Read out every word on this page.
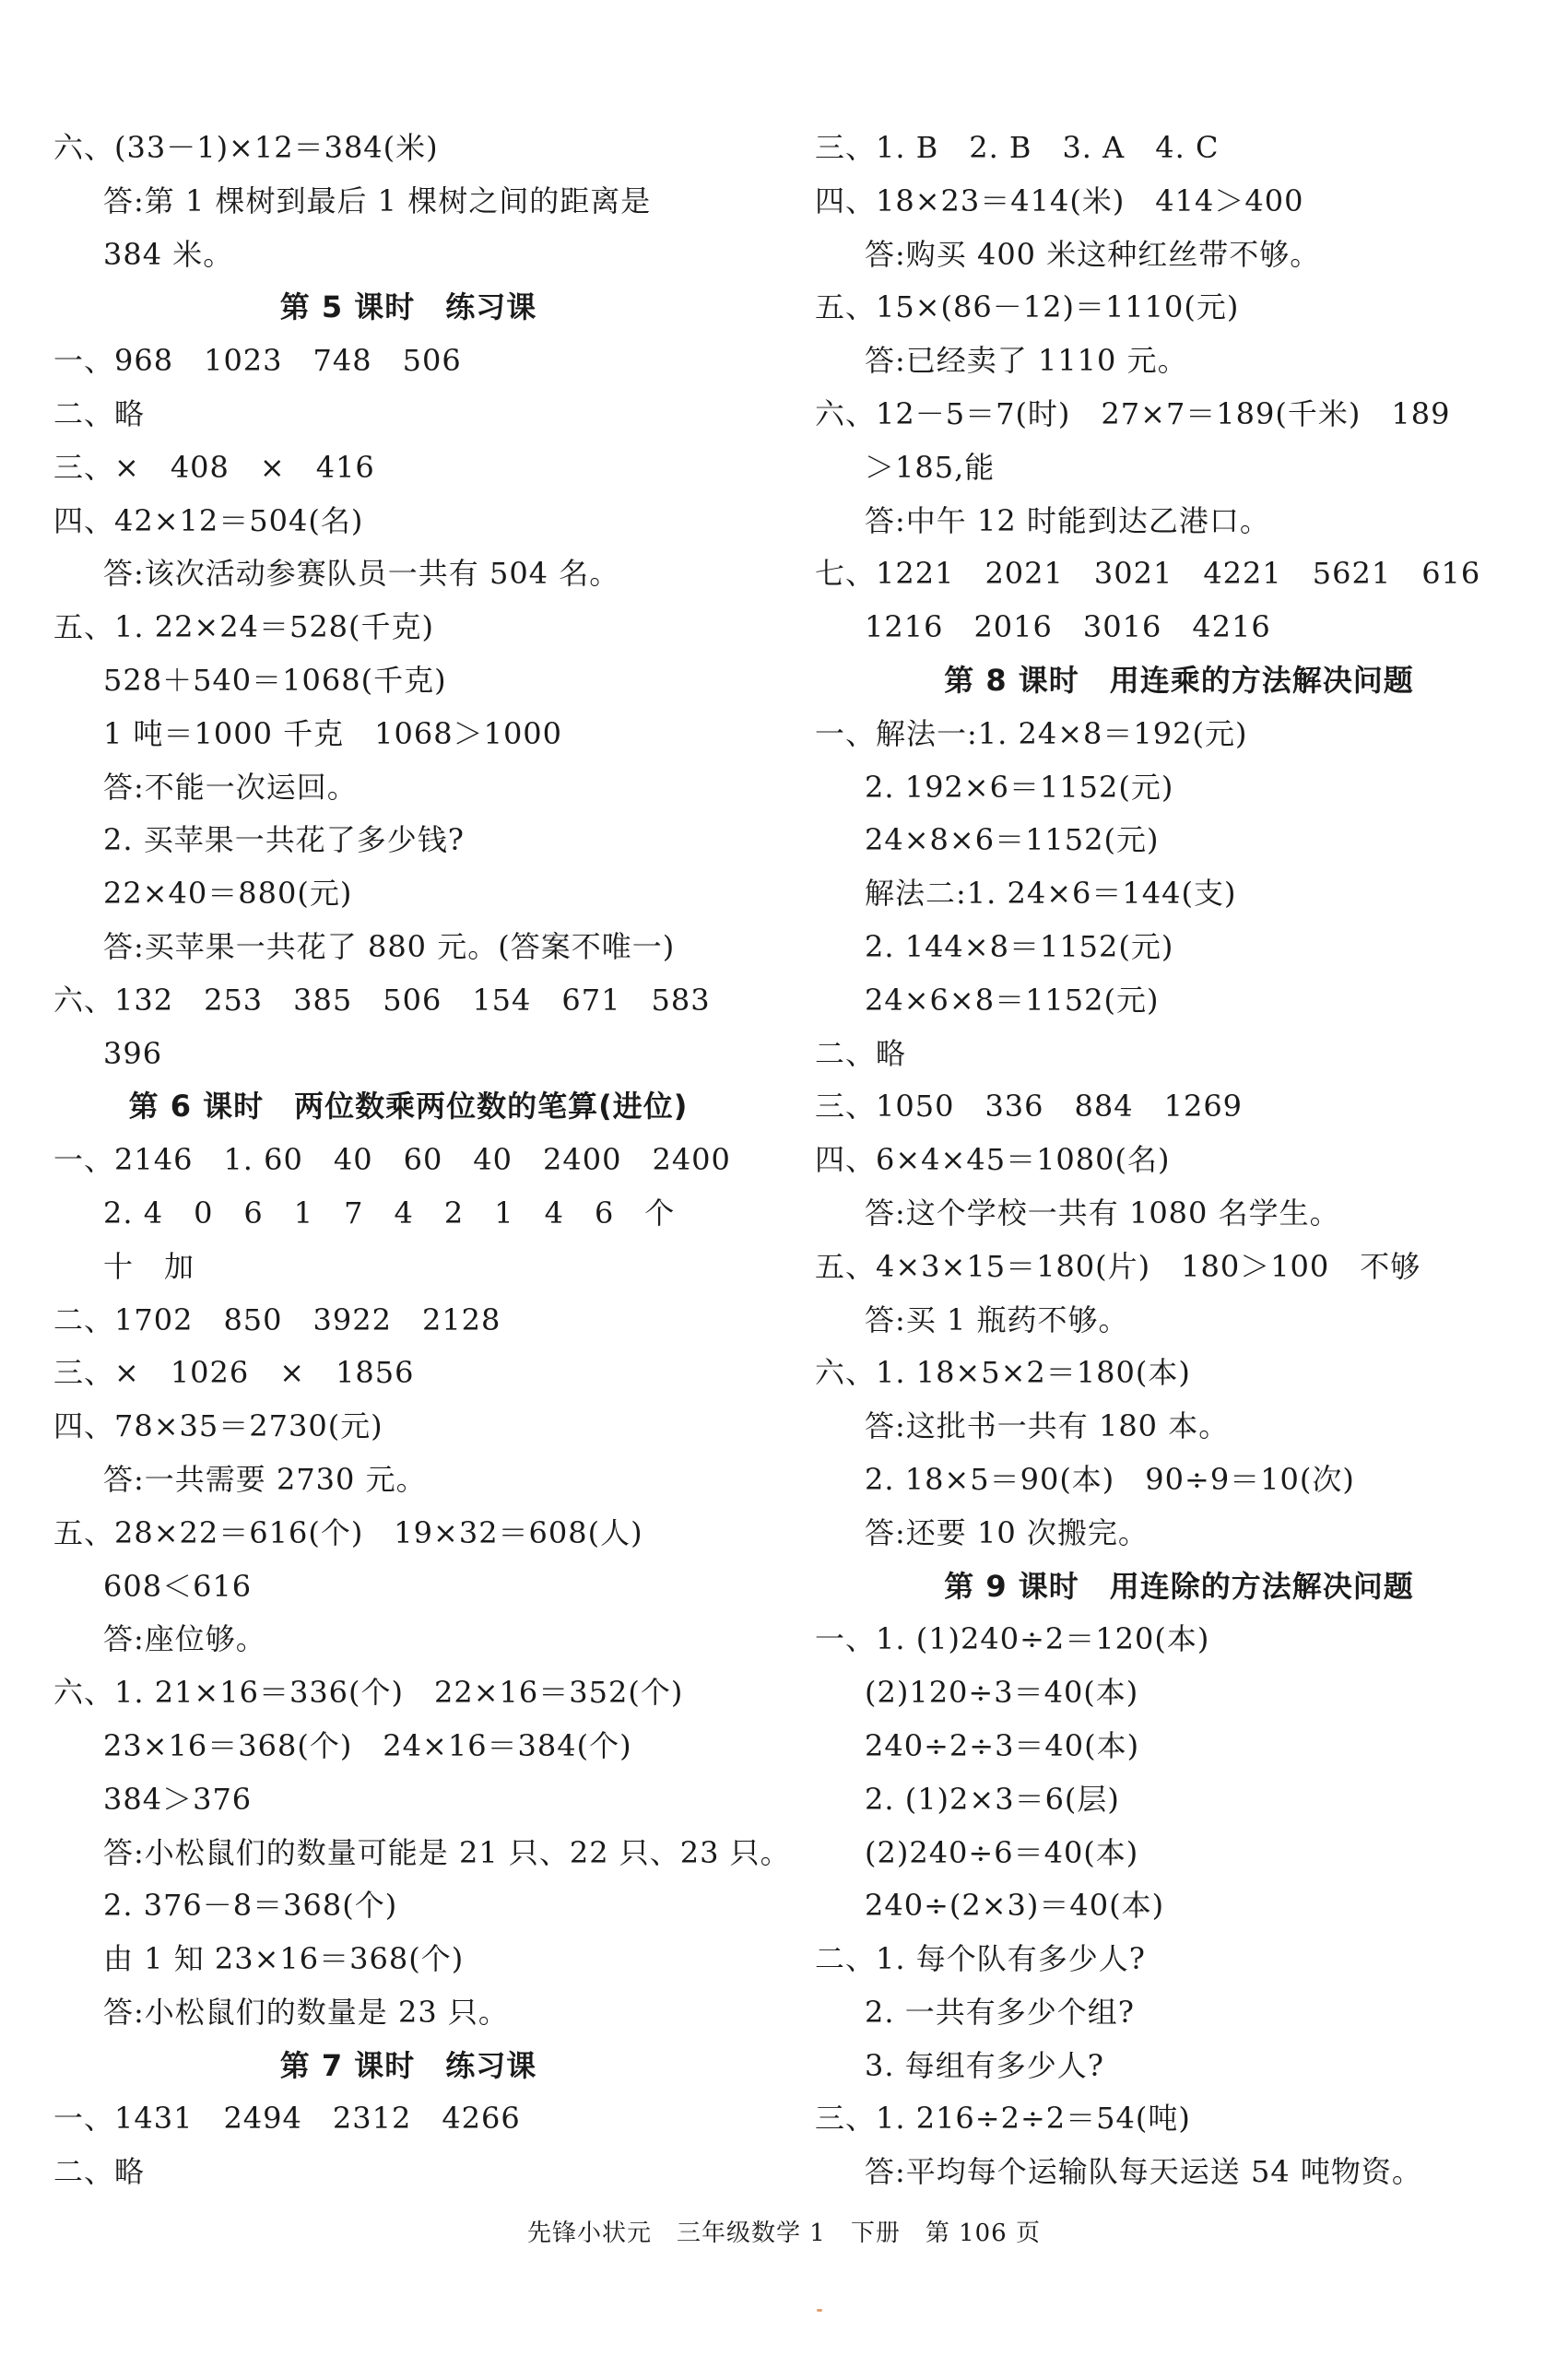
六、(33－1)×12＝384(米)
答:第 1 棵树到最后 1 棵树之间的距离是
384 米。
第 5 课时　练习课
一、968　1023　748　506
二、略
三、×　408　×　416
四、42×12＝504(名)
答:该次活动参赛队员一共有 504 名。
五、1. 22×24＝528(千克)
528＋540＝1068(千克)
1 吨＝1000 千克　1068＞1000
答:不能一次运回。
2. 买苹果一共花了多少钱?
22×40＝880(元)
答:买苹果一共花了 880 元。(答案不唯一)
六、132　253　385　506　154　671　583
396
第 6 课时　两位数乘两位数的笔算(进位)
一、2146　1. 60　40　60　40　2400　2400
2. 4　0　6　1　7　4　2　1　4　6　个
十　加
二、1702　850　3922　2128
三、×　1026　×　1856
四、78×35＝2730(元)
答:一共需要 2730 元。
五、28×22＝616(个)　19×32＝608(人)
608＜616
答:座位够。
六、1. 21×16＝336(个)　22×16＝352(个)
23×16＝368(个)　24×16＝384(个)
384＞376
答:小松鼠们的数量可能是 21 只、22 只、23 只。
2. 376－8＝368(个)
由 1 知 23×16＝368(个)
答:小松鼠们的数量是 23 只。
第 7 课时　练习课
一、1431　2494　2312　4266
二、略
三、1. B　2. B　3. A　4. C
四、18×23＝414(米)　414＞400
答:购买 400 米这种红丝带不够。
五、15×(86－12)＝1110(元)
答:已经卖了 1110 元。
六、12－5＝7(时)　27×7＝189(千米)　189
＞185,能
答:中午 12 时能到达乙港口。
七、1221　2021　3021　4221　5621　616
1216　2016　3016　4216
第 8 课时　用连乘的方法解决问题
一、解法一:1. 24×8＝192(元)
2. 192×6＝1152(元)
24×8×6＝1152(元)
解法二:1. 24×6＝144(支)
2. 144×8＝1152(元)
24×6×8＝1152(元)
二、略
三、1050　336　884　1269
四、6×4×45＝1080(名)
答:这个学校一共有 1080 名学生。
五、4×3×15＝180(片)　180＞100　不够
答:买 1 瓶药不够。
六、1. 18×5×2＝180(本)
答:这批书一共有 180 本。
2. 18×5＝90(本)　90÷9＝10(次)
答:还要 10 次搬完。
第 9 课时　用连除的方法解决问题
一、1. (1)240÷2＝120(本)
(2)120÷3＝40(本)
240÷2÷3＝40(本)
2. (1)2×3＝6(层)
(2)240÷6＝40(本)
240÷(2×3)＝40(本)
二、1. 每个队有多少人?
2. 一共有多少个组?
3. 每组有多少人?
三、1. 216÷2÷2＝54(吨)
答:平均每个运输队每天运送 54 吨物资。
先锋小状元　三年级数学 1　下册　第 106 页
